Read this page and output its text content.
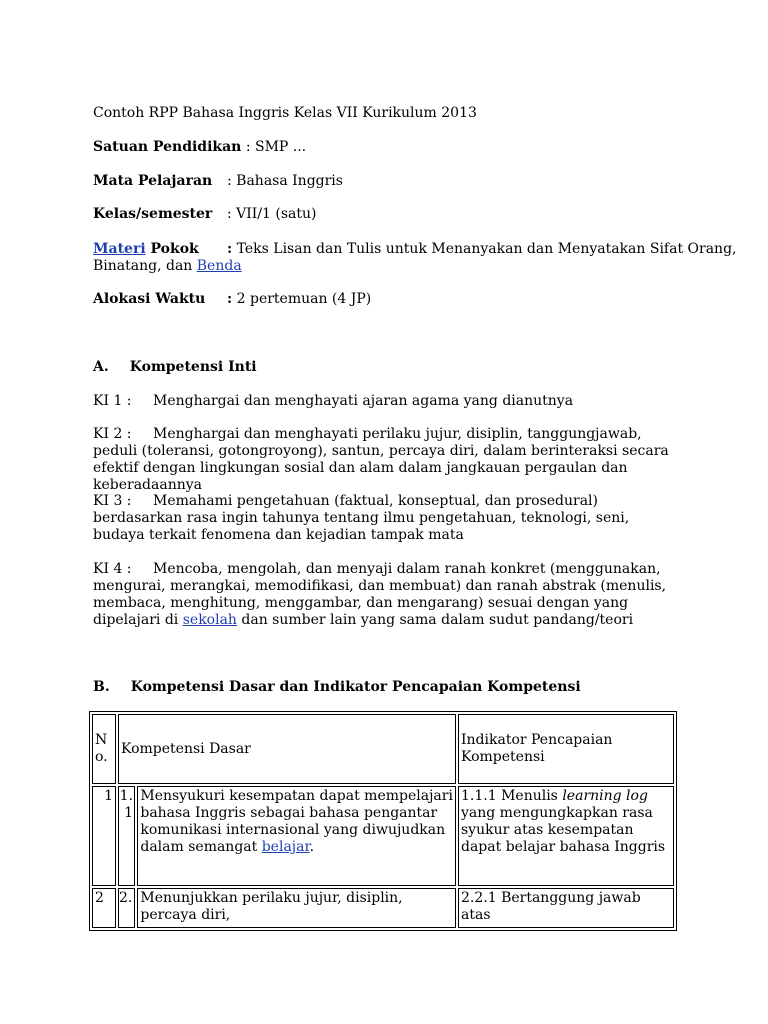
Contoh RPP Bahasa Inggris Kelas VII Kurikulum 2013
Satuan Pendidikan : SMP ...
Mata Pelajaran : Bahasa Inggris
Kelas/semester : VII/1 (satu)
Materi Pokok : Teks Lisan dan Tulis untuk Menanyakan dan Menyatakan Sifat Orang,
Binatang, dan Benda
Alokasi Waktu : 2 pertemuan (4 JP)
A. Kompetensi Inti
KI 1 : Menghargai dan menghayati ajaran agama yang dianutnya
KI 2 :	Menghargai dan menghayati perilaku jujur, disiplin, tanggungjawab, peduli (toleransi, gotongroyong), santun, percaya diri, dalam berinteraksi secara efektif dengan lingkungan sosial dan alam dalam jangkauan pergaulan dan keberadaannya
KI 3 :	Memahami pengetahuan (faktual, konseptual, dan prosedural) berdasarkan rasa ingin tahunya tentang ilmu pengetahuan, teknologi, seni, budaya terkait fenomena dan kejadian tampak mata
KI 4 :	Mencoba, mengolah, dan menyaji dalam ranah konkret (menggunakan, mengurai, merangkai, memodifikasi, dan membuat) dan ranah abstrak (menulis, membaca, menghitung, menggambar, dan mengarang) sesuai dengan yang dipelajari di sekolah dan sumber lain yang sama dalam sudut pandang/teori
B. Kompetensi Dasar dan Indikator Pencapaian Kompetensi
No.	Kompetensi Dasar		Indikator Pencapaian Kompetensi
1	1.1	Mensyukuri kesempatan dapat mempelajari bahasa Inggris sebagai bahasa pengantar komunikasi internasional yang diwujudkan dalam semangat belajar.	1.1.1 Menulis learning log yang mengungkapkan rasa syukur atas kesempatan dapat belajar bahasa Inggris
2	2.	Menunjukkan perilaku jujur, disiplin, percaya diri,	2.2.1 Bertanggung jawab atas
